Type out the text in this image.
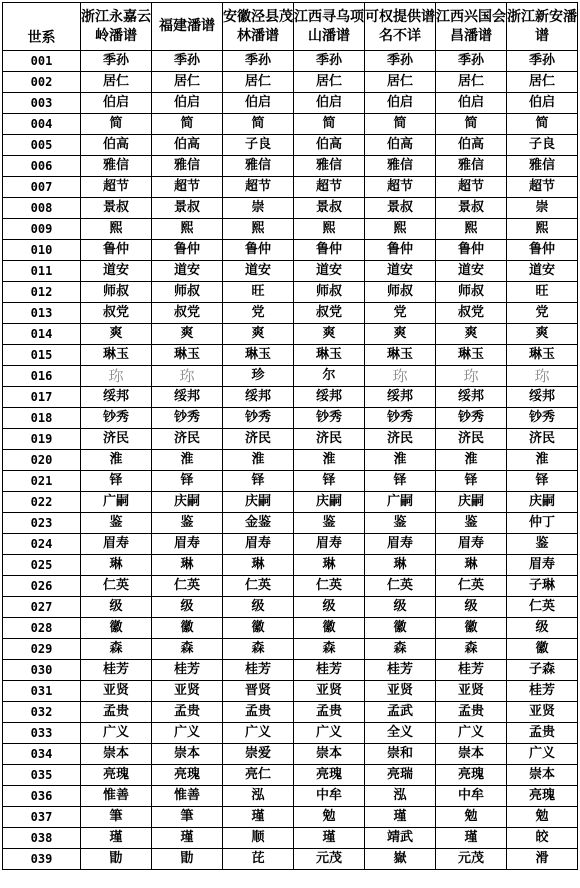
世系	浙江永嘉云岭潘谱	福建潘谱	安徽泾县茂林潘谱	江西寻乌项山潘谱	可权提供谱名不详	江西兴国会昌潘谱	浙江新安潘谱
001	季孙	季孙	季孙	季孙	季孙	季孙	季孙
002	居仁	居仁	居仁	居仁	居仁	居仁	居仁
003	伯启	伯启	伯启	伯启	伯启	伯启	伯启
004	简	简	简	简	简	简	简
005	伯高	伯高	子良	伯高	伯高	伯高	子良
006	雅信	雅信	雅信	雅信	雅信	雅信	雅信
007	超节	超节	超节	超节	超节	超节	超节
008	景叔	景叔	崇	景叔	景叔	景叔	崇
009	熙	熙	熙	熙	熙	熙	熙
010	鲁仲	鲁仲	鲁仲	鲁仲	鲁仲	鲁仲	鲁仲
011	道安	道安	道安	道安	道安	道安	道安
012	师叔	师叔	旺	师叔	师叔	师叔	旺
013	叔党	叔党	党	叔党	党	叔党	党
014	爽	爽	爽	爽	爽	爽	爽
015	琳玉	琳玉	琳玉	琳玉	琳玉	琳玉	琳玉
016	珎	珎	珍	尔	珎	珎	珎
017	绥邦	绥邦	绥邦	绥邦	绥邦	绥邦	绥邦
018	钞秀	钞秀	钞秀	钞秀	钞秀	钞秀	钞秀
019	济民	济民	济民	济民	济民	济民	济民
020	淮	淮	淮	淮	淮	淮	淮
021	铎	铎	铎	铎	铎	铎	铎
022	广嗣	庆嗣	庆嗣	庆嗣	广嗣	庆嗣	庆嗣
023	鉴	鉴	金鉴	鉴	鉴	鉴	仲丁
024	眉寿	眉寿	眉寿	眉寿	眉寿	眉寿	鉴
025	琳	琳	琳	琳	琳	琳	眉寿
026	仁英	仁英	仁英	仁英	仁英	仁英	子琳
027	级	级	级	级	级	级	仁英
028	徽	徽	徽	徽	徽	徽	级
029	森	森	森	森	森	森	徽
030	桂芳	桂芳	桂芳	桂芳	桂芳	桂芳	子森
031	亚贤	亚贤	晋贤	亚贤	亚贤	亚贤	桂芳
032	孟贵	孟贵	孟贵	孟贵	孟武	孟贵	亚贤
033	广义	广义	广义	广义	全义	广义	孟贵
034	崇本	崇本	崇爱	崇本	崇和	崇本	广义
035	亮瑰	亮瑰	亮仁	亮瑰	亮瑞	亮瑰	崇本
036	惟善	惟善	泓	中牟	泓	中牟	亮瑰
037	筆	筆	瑾	勉	瑾	勉	勉
038	瑾	瑾	顺	瑾	靖武	瑾	皎
039	勖	勖	芘	元茂	嶽	元茂	滑
